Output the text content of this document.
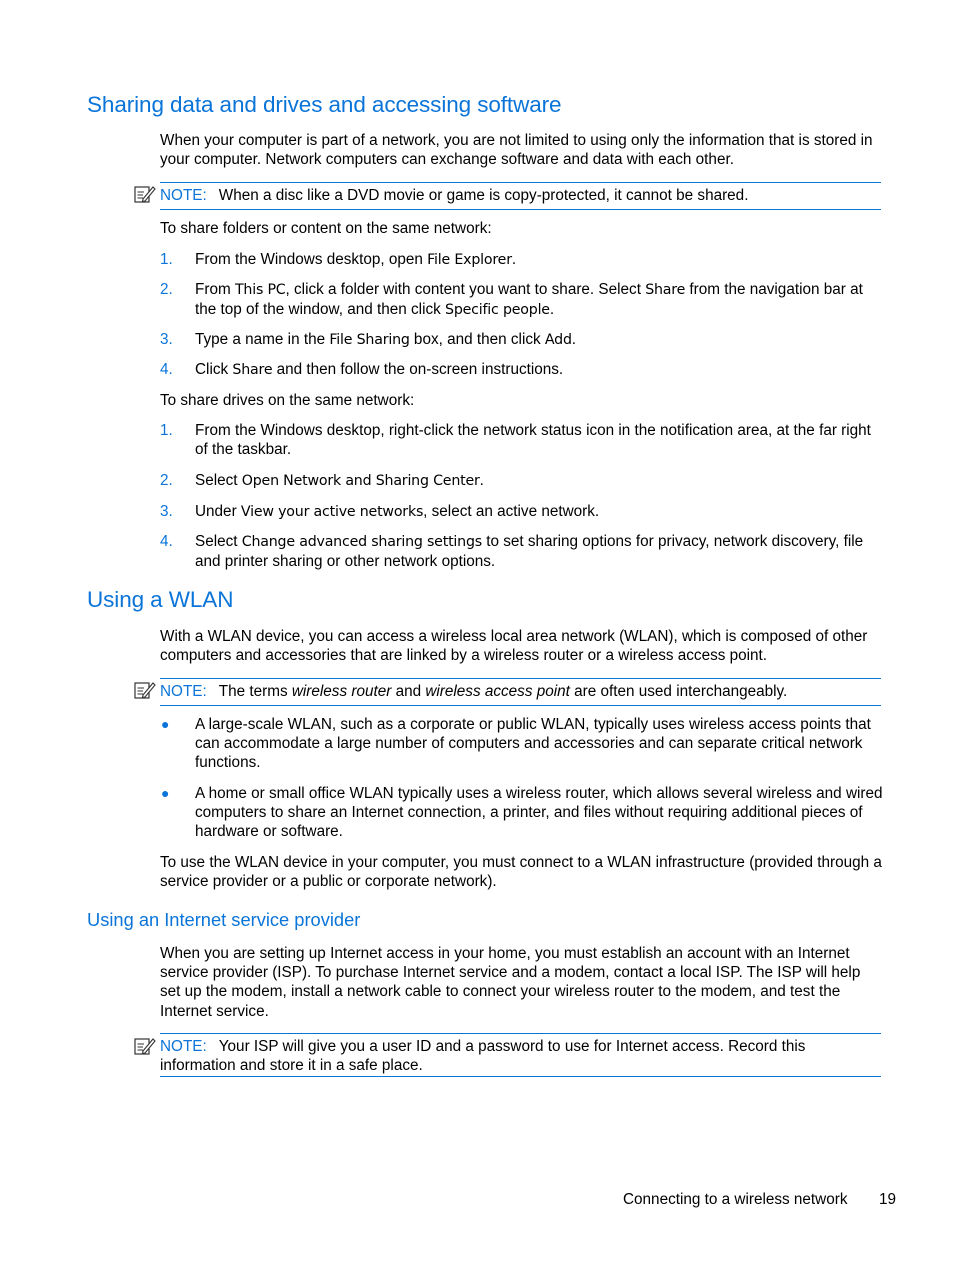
Sharing data and drives and accessing software

When your computer is part of a network, you are not limited to using only the information that is stored in your computer. Network computers can exchange software and data with each other.

NOTE: When a disc like a DVD movie or game is copy-protected, it cannot be shared.

To share folders or content on the same network:

1. From the Windows desktop, open File Explorer.
2. From This PC, click a folder with content you want to share. Select Share from the navigation bar at the top of the window, and then click Specific people.
3. Type a name in the File Sharing box, and then click Add.
4. Click Share and then follow the on-screen instructions.

To share drives on the same network:

1. From the Windows desktop, right-click the network status icon in the notification area, at the far right of the taskbar.
2. Select Open Network and Sharing Center.
3. Under View your active networks, select an active network.
4. Select Change advanced sharing settings to set sharing options for privacy, network discovery, file and printer sharing or other network options.
Using a WLAN

With a WLAN device, you can access a wireless local area network (WLAN), which is composed of other computers and accessories that are linked by a wireless router or a wireless access point.

NOTE: The terms wireless router and wireless access point are often used interchangeably.
● A large-scale WLAN, such as a corporate or public WLAN, typically uses wireless access points that can accommodate a large number of computers and accessories and can separate critical network functions.
● A home or small office WLAN typically uses a wireless router, which allows several wireless and wired computers to share an Internet connection, a printer, and files without requiring additional pieces of hardware or software.

To use the WLAN device in your computer, you must connect to a WLAN infrastructure (provided through a service provider or a public or corporate network).

Using an Internet service provider

When you are setting up Internet access in your home, you must establish an account with an Internet service provider (ISP). To purchase Internet service and a modem, contact a local ISP. The ISP will help set up the modem, install a network cable to connect your wireless router to the modem, and test the Internet service.

NOTE: Your ISP will give you a user ID and a password to use for Internet access. Record this information and store it in a safe place.
Connecting to a wireless network 19
